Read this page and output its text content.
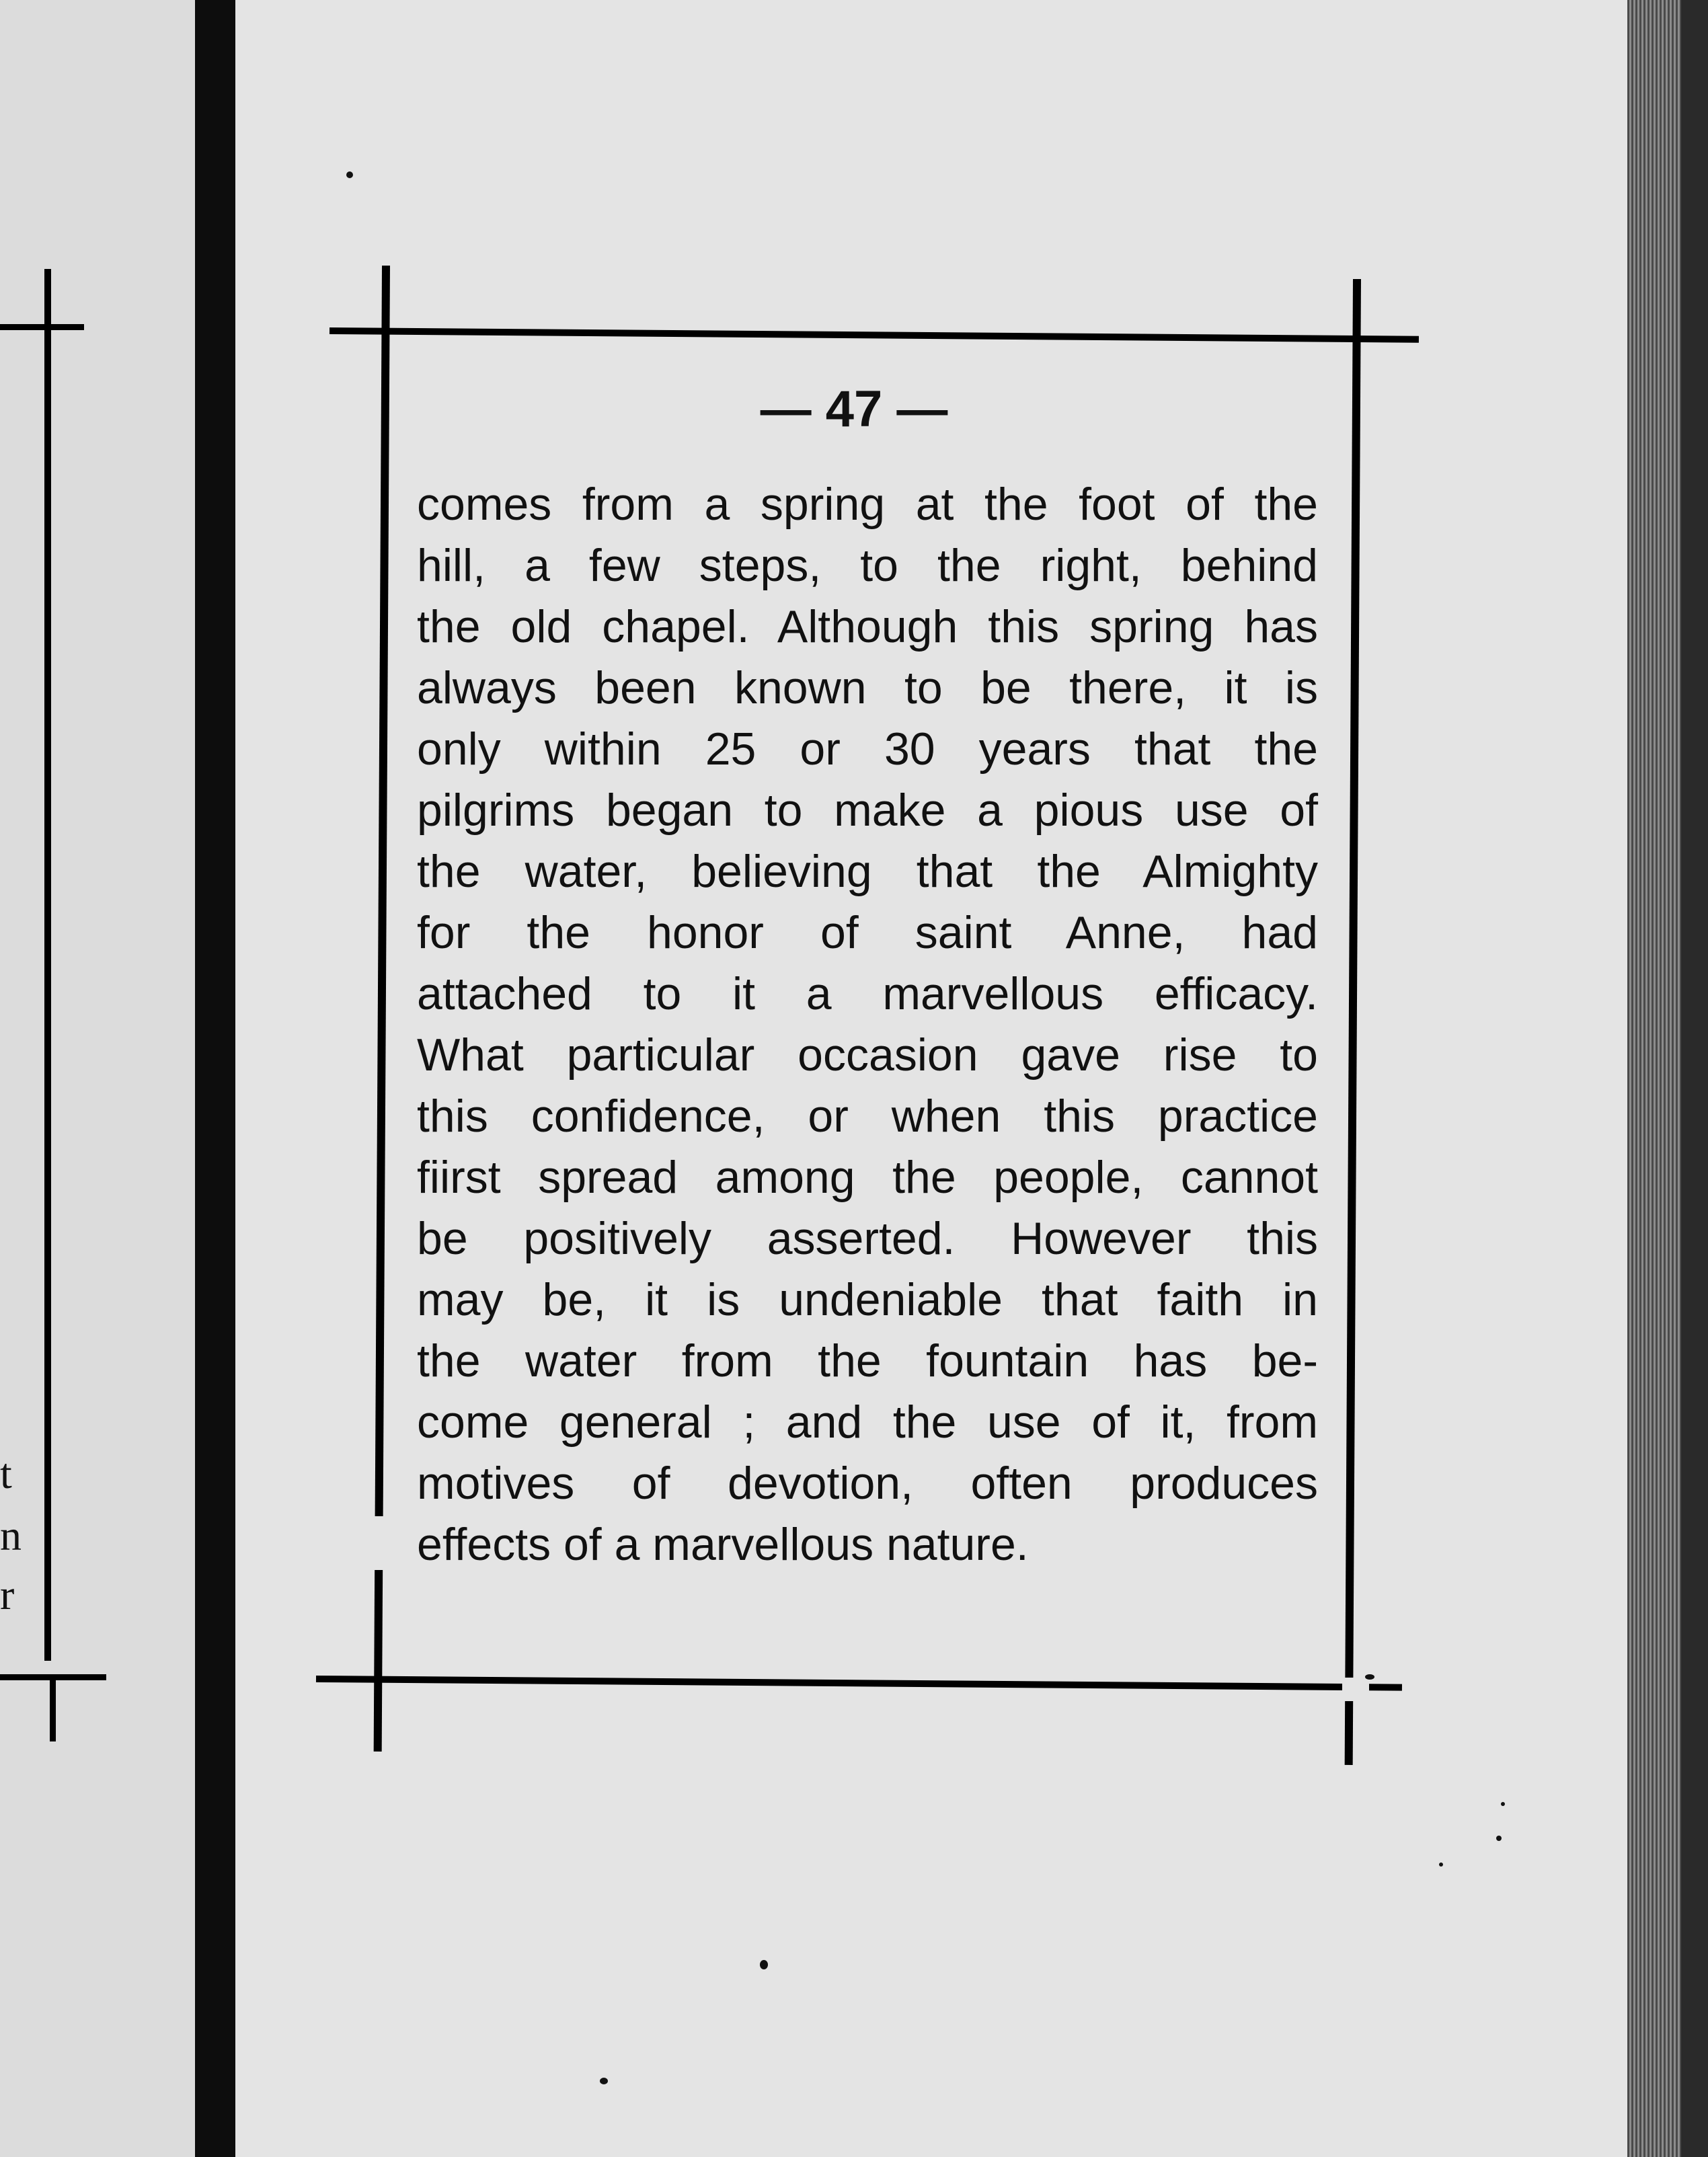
t
n
r
— 47 —
comes from a spring at the foot of the
hill, a few steps, to the right, behind
the old chapel. Although this spring has
always been known to be there, it is
only within 25 or 30 years that the
pilgrims began to make a pious use of
the water, believing that the Almighty
for the honor of saint Anne, had
attached to it a marvellous efficacy.
What particular occasion gave rise to
this confidence, or when this practice
fiirst spread among the people, cannot
be positively asserted. However this
may be, it is undeniable that faith in
the water from the fountain has be-
come general ; and the use of it, from
motives of devotion, often produces
effects of a marvellous nature.
